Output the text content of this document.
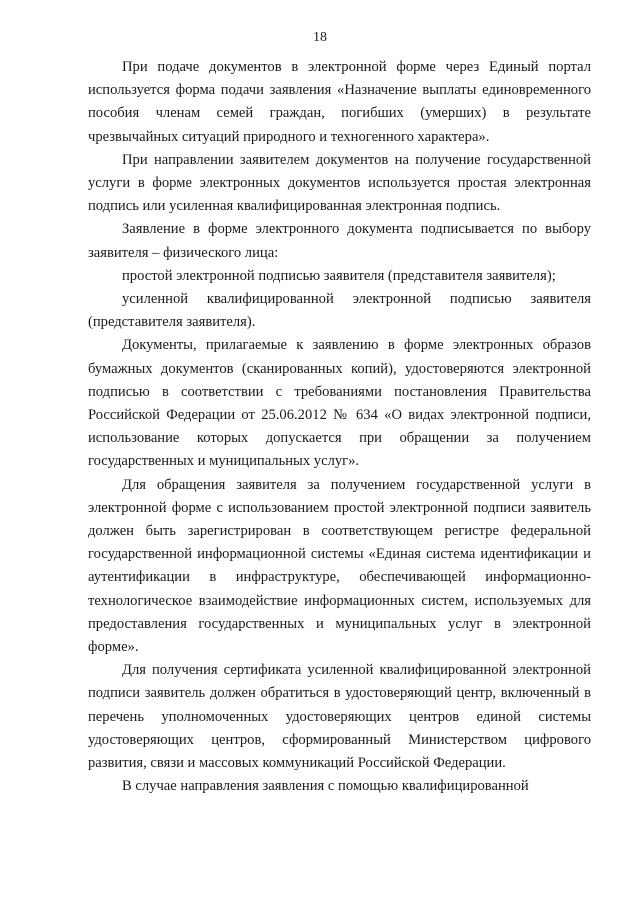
18

При подаче документов в электронной форме через Единый портал используется форма подачи заявления «Назначение выплаты единовременного пособия членам семей граждан, погибших (умерших) в результате чрезвычайных ситуаций природного и техногенного характера».

При направлении заявителем документов на получение государственной услуги в форме электронных документов используется простая электронная подпись или усиленная квалифицированная электронная подпись.

Заявление в форме электронного документа подписывается по выбору заявителя – физического лица:

простой электронной подписью заявителя (представителя заявителя);

усиленной квалифицированной электронной подписью заявителя (представителя заявителя).

Документы, прилагаемые к заявлению в форме электронных образов бумажных документов (сканированных копий), удостоверяются электронной подписью в соответствии с требованиями постановления Правительства Российской Федерации от 25.06.2012 № 634 «О видах электронной подписи, использование которых допускается при обращении за получением государственных и муниципальных услуг».

Для обращения заявителя за получением государственной услуги в электронной форме с использованием простой электронной подписи заявитель должен быть зарегистрирован в соответствующем регистре федеральной государственной информационной системы «Единая система идентификации и аутентификации в инфраструктуре, обеспечивающей информационно-технологическое взаимодействие информационных систем, используемых для предоставления государственных и муниципальных услуг в электронной форме».

Для получения сертификата усиленной квалифицированной электронной подписи заявитель должен обратиться в удостоверяющий центр, включенный в перечень уполномоченных удостоверяющих центров единой системы удостоверяющих центров, сформированный Министерством цифрового развития, связи и массовых коммуникаций Российской Федерации.

В случае направления заявления с помощью квалифицированной
